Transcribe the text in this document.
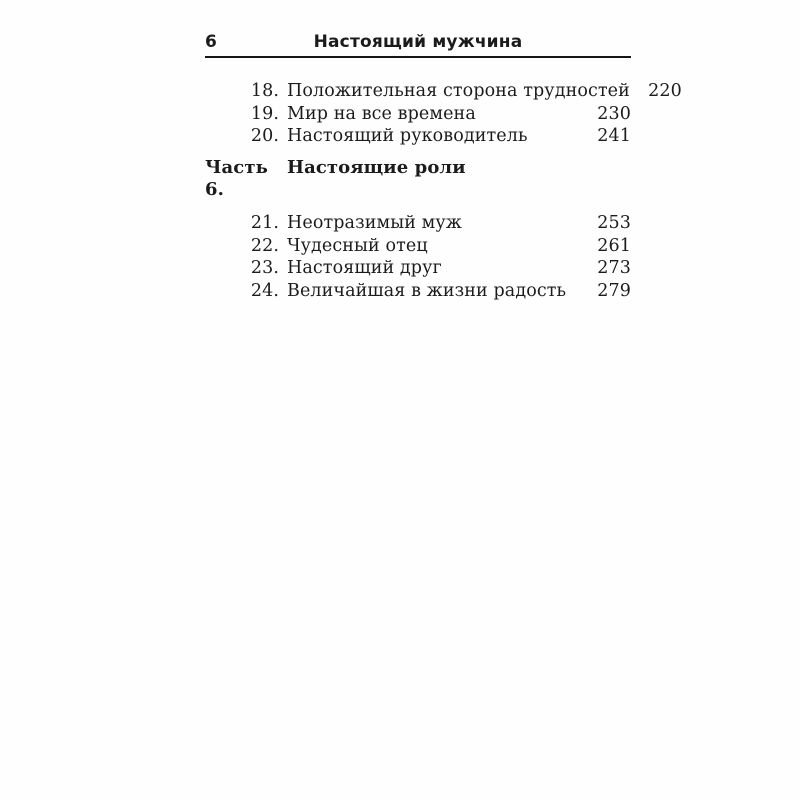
6	Настоящий мужчина
18. Положительная сторона трудностей	220
19. Мир на все времена	230
20. Настоящий руководитель	241
Часть 6.
Настоящие роли
21. Неотразимый муж	253
22. Чудесный отец	261
23. Настоящий друг	273
24. Величайшая в жизни радость	279
